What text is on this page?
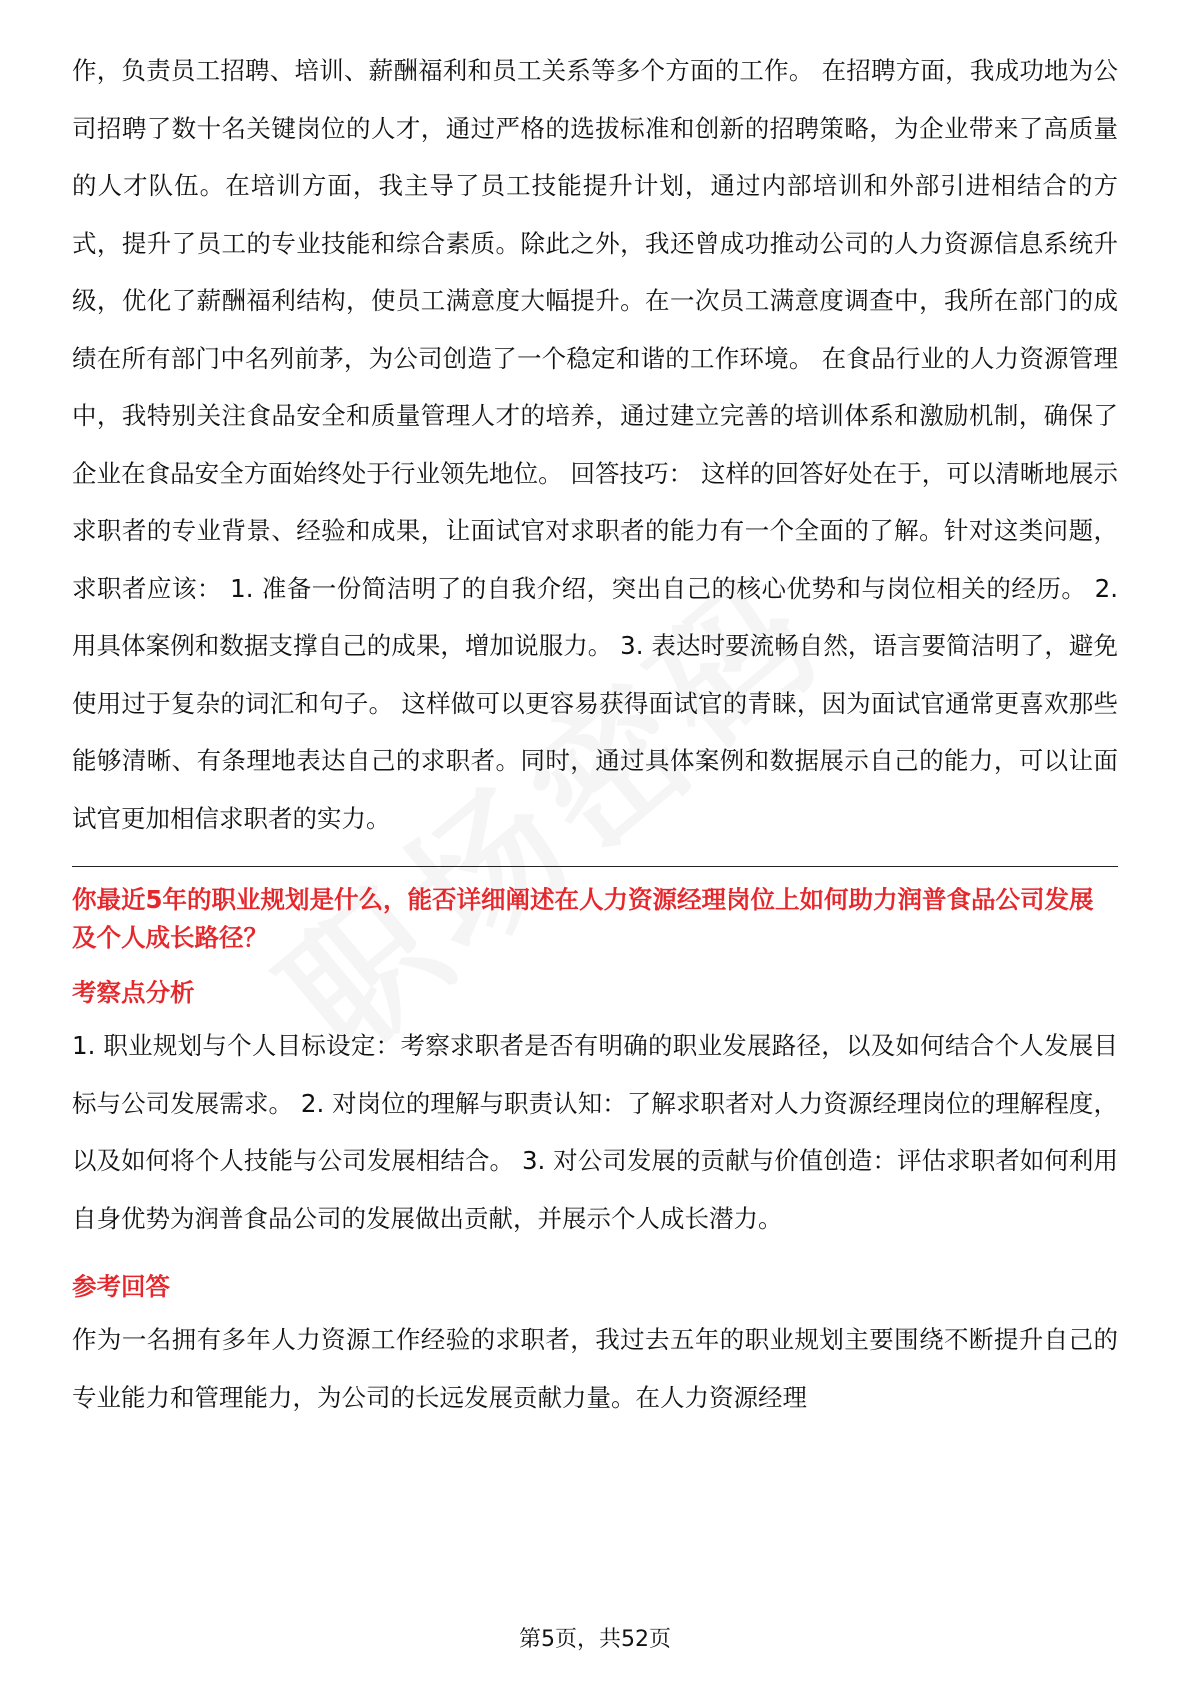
作，负责员工招聘、培训、薪酬福利和员工关系等多个方面的工作。 在招聘方面，我成功地为公司招聘了数十名关键岗位的人才，通过严格的选拔标准和创新的招聘策略，为企业带来了高质量的人才队伍。在培训方面，我主导了员工技能提升计划，通过内部培训和外部引进相结合的方式，提升了员工的专业技能和综合素质。除此之外，我还曾成功推动公司的人力资源信息系统升级，优化了薪酬福利结构，使员工满意度大幅提升。在一次员工满意度调查中，我所在部门的成绩在所有部门中名列前茅，为公司创造了一个稳定和谐的工作环境。 在食品行业的人力资源管理中，我特别关注食品安全和质量管理人才的培养，通过建立完善的培训体系和激励机制，确保了企业在食品安全方面始终处于行业领先地位。 回答技巧： 这样的回答好处在于，可以清晰地展示求职者的专业背景、经验和成果，让面试官对求职者的能力有一个全面的了解。针对这类问题，求职者应该： 1. 准备一份简洁明了的自我介绍，突出自己的核心优势和与岗位相关的经历。 2. 用具体案例和数据支撑自己的成果，增加说服力。 3. 表达时要流畅自然，语言要简洁明了，避免使用过于复杂的词汇和句子。 这样做可以更容易获得面试官的青睐，因为面试官通常更喜欢那些能够清晰、有条理地表达自己的求职者。同时，通过具体案例和数据展示自己的能力，可以让面试官更加相信求职者的实力。

你最近5年的职业规划是什么，能否详细阐述在人力资源经理岗位上如何助力润普食品公司发展及个人成长路径？

考察点分析

1. 职业规划与个人目标设定：考察求职者是否有明确的职业发展路径，以及如何结合个人发展目标与公司发展需求。 2. 对岗位的理解与职责认知：了解求职者对人力资源经理岗位的理解程度，以及如何将个人技能与公司发展相结合。 3. 对公司发展的贡献与价值创造：评估求职者如何利用自身优势为润普食品公司的发展做出贡献，并展示个人成长潜力。

参考回答

作为一名拥有多年人力资源工作经验的求职者，我过去五年的职业规划主要围绕不断提升自己的专业能力和管理能力，为公司的长远发展贡献力量。在人力资源经理

第5页，共52页
